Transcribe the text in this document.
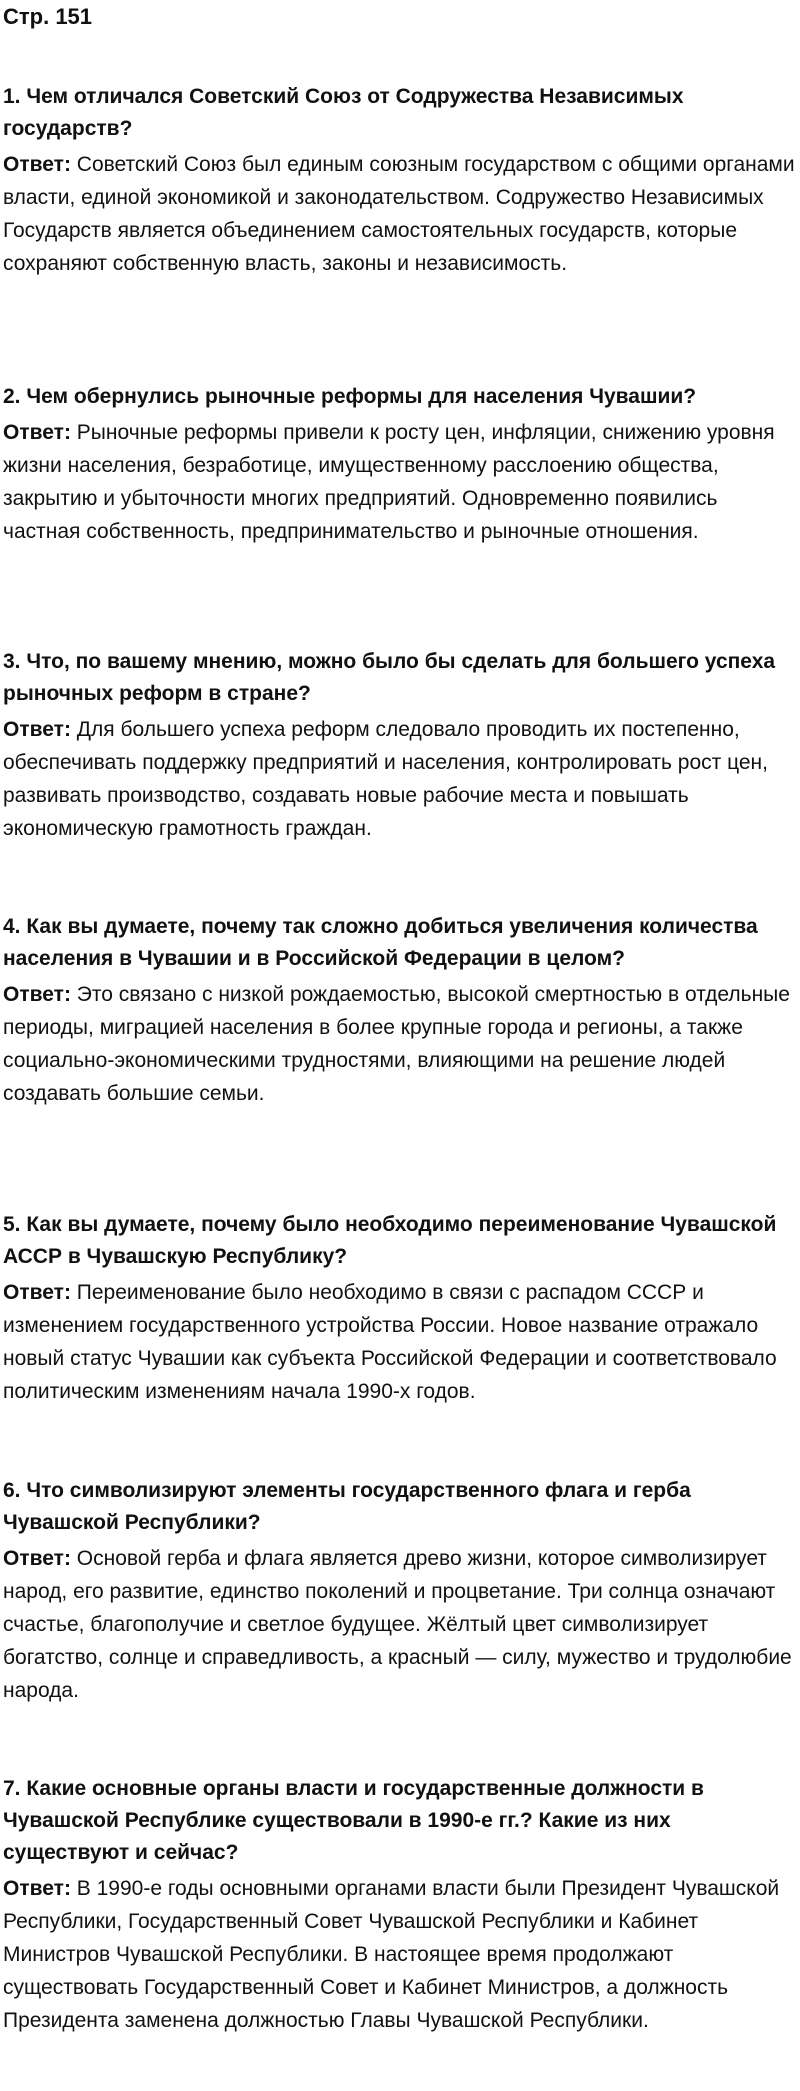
Стр. 151

1. Чем отличался Советский Союз от Содружества Независимых государств?

Ответ: Советский Союз был единым союзным государством с общими органами власти, единой экономикой и законодательством. Содружество Независимых Государств является объединением самостоятельных государств, которые сохраняют собственную власть, законы и независимость.

2. Чем обернулись рыночные реформы для населения Чувашии?

Ответ: Рыночные реформы привели к росту цен, инфляции, снижению уровня жизни населения, безработице, имущественному расслоению общества, закрытию и убыточности многих предприятий. Одновременно появились частная собственность, предпринимательство и рыночные отношения.

3. Что, по вашему мнению, можно было бы сделать для большего успеха рыночных реформ в стране?

Ответ: Для большего успеха реформ следовало проводить их постепенно, обеспечивать поддержку предприятий и населения, контролировать рост цен, развивать производство, создавать новые рабочие места и повышать экономическую грамотность граждан.

4. Как вы думаете, почему так сложно добиться увеличения количества населения в Чувашии и в Российской Федерации в целом?

Ответ: Это связано с низкой рождаемостью, высокой смертностью в отдельные периоды, миграцией населения в более крупные города и регионы, а также социально-экономическими трудностями, влияющими на решение людей создавать большие семьи.

5. Как вы думаете, почему было необходимо переименование Чувашской АССР в Чувашскую Республику?

Ответ: Переименование было необходимо в связи с распадом СССР и изменением государственного устройства России. Новое название отражало новый статус Чувашии как субъекта Российской Федерации и соответствовало политическим изменениям начала 1990-х годов.

6. Что символизируют элементы государственного флага и герба Чувашской Республики?

Ответ: Основой герба и флага является древо жизни, которое символизирует народ, его развитие, единство поколений и процветание. Три солнца означают счастье, благополучие и светлое будущее. Жёлтый цвет символизирует богатство, солнце и справедливость, а красный — силу, мужество и трудолюбие народа.

7. Какие основные органы власти и государственные должности в Чувашской Республике существовали в 1990-е гг.? Какие из них существуют и сейчас?

Ответ: В 1990-е годы основными органами власти были Президент Чувашской Республики, Государственный Совет Чувашской Республики и Кабинет Министров Чувашской Республики. В настоящее время продолжают существовать Государственный Совет и Кабинет Министров, а должность Президента заменена должностью Главы Чувашской Республики.
